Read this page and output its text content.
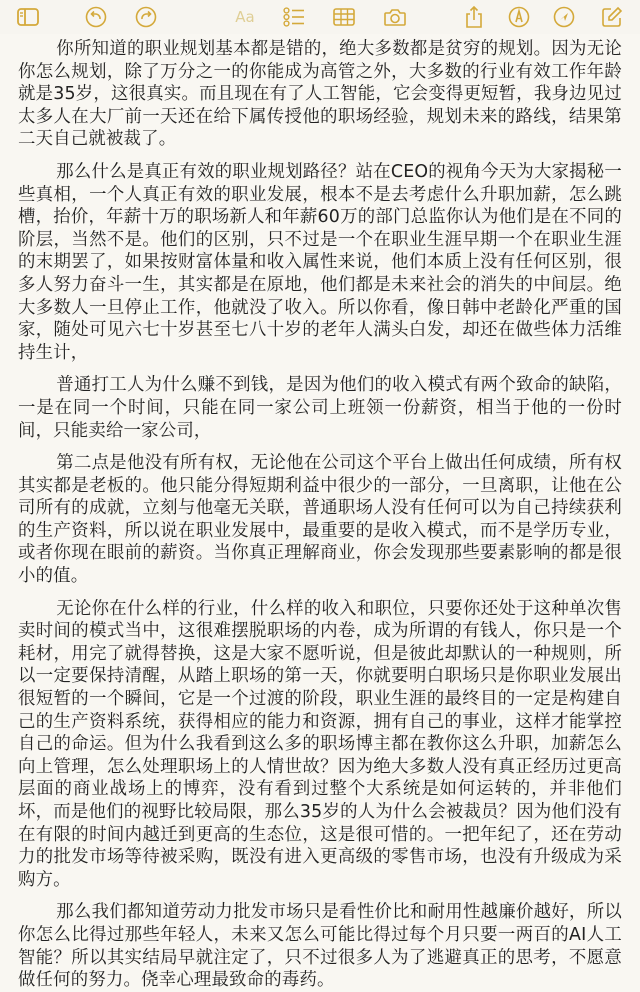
Aa

你所知道的职业规划基本都是错的，绝大多数都是贫穷的规划。因为无论你怎么规划，除了万分之一的你能成为高管之外，大多数的行业有效工作年龄就是35岁，这很真实。而且现在有了人工智能，它会变得更短暂，我身边见过太多人在大厂前一天还在给下属传授他的职场经验，规划未来的路线，结果第二天自己就被裁了。

那么什么是真正有效的职业规划路径？站在CEO的视角今天为大家揭秘一些真相，一个人真正有效的职业发展，根本不是去考虑什么升职加薪，怎么跳槽，抬价，年薪十万的职场新人和年薪60万的部门总监你认为他们是在不同的阶层，当然不是。他们的区别，只不过是一个在职业生涯早期一个在职业生涯的末期罢了，如果按财富体量和收入属性来说，他们本质上没有任何区别，很多人努力奋斗一生，其实都是在原地，他们都是未来社会的消失的中间层。绝大多数人一旦停止工作，他就没了收入。所以你看，像日韩中老龄化严重的国家，随处可见六七十岁甚至七八十岁的老年人满头白发，却还在做些体力活维持生计，

普通打工人为什么赚不到钱，是因为他们的收入模式有两个致命的缺陷，一是在同一个时间，只能在同一家公司上班领一份薪资，相当于他的一份时间，只能卖给一家公司，

第二点是他没有所有权，无论他在公司这个平台上做出任何成绩，所有权其实都是老板的。他只能分得短期利益中很少的一部分，一旦离职，让他在公司所有的成就，立刻与他毫无关联，普通职场人没有任何可以为自己持续获利的生产资料，所以说在职业发展中，最重要的是收入模式，而不是学历专业，或者你现在眼前的薪资。当你真正理解商业，你会发现那些要素影响的都是很小的值。

无论你在什么样的行业，什么样的收入和职位，只要你还处于这种单次售卖时间的模式当中，这很难摆脱职场的内卷，成为所谓的有钱人，你只是一个耗材，用完了就得替换，这是大家不愿听说，但是彼此却默认的一种规则，所以一定要保持清醒，从踏上职场的第一天，你就要明白职场只是你职业发展出很短暂的一个瞬间，它是一个过渡的阶段，职业生涯的最终目的一定是构建自己的生产资料系统，获得相应的能力和资源，拥有自己的事业，这样才能掌控自己的命运。但为什么我看到这么多的职场博主都在教你这么升职，加薪怎么向上管理，怎么处理职场上的人情世故？因为绝大多数人没有真正经历过更高层面的商业战场上的博弈，没有看到过整个大系统是如何运转的，并非他们坏，而是他们的视野比较局限，那么35岁的人为什么会被裁员？因为他们没有在有限的时间内越迁到更高的生态位，这是很可惜的。一把年纪了，还在劳动力的批发市场等待被采购，既没有进入更高级的零售市场，也没有升级成为采购方。

那么我们都知道劳动力批发市场只是看性价比和耐用性越廉价越好，所以你怎么比得过那些年轻人，未来又怎么可能比得过每个月只要一两百的AI人工智能？所以其实结局早就注定了，只不过很多人为了逃避真正的思考，不愿意做任何的努力。侥幸心理最致命的毒药。
